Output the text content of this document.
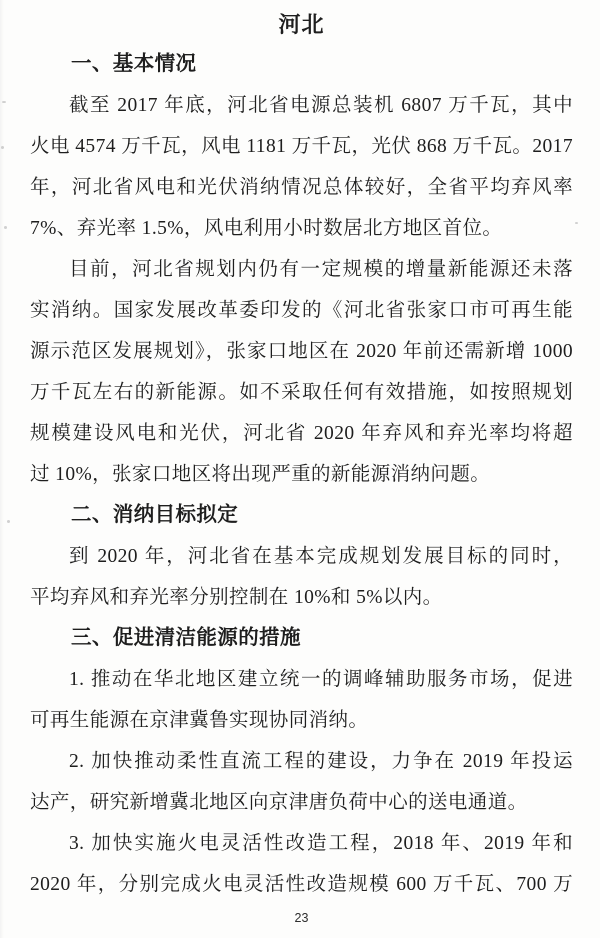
河北
一、基本情况
截至 2017 年底，河北省电源总装机 6807 万千瓦，其中
火电 4574 万千瓦，风电 1181 万千瓦，光伏 868 万千瓦。2017
年，河北省风电和光伏消纳情况总体较好，全省平均弃风率
7%、弃光率 1.5%，风电利用小时数居北方地区首位。
目前，河北省规划内仍有一定规模的增量新能源还未落
实消纳。国家发展改革委印发的《河北省张家口市可再生能
源示范区发展规划》，张家口地区在 2020 年前还需新增 1000
万千瓦左右的新能源。如不采取任何有效措施，如按照规划
规模建设风电和光伏，河北省 2020 年弃风和弃光率均将超
过 10%，张家口地区将出现严重的新能源消纳问题。
二、消纳目标拟定
到 2020 年，河北省在基本完成规划发展目标的同时，
平均弃风和弃光率分别控制在 10%和 5%以内。
三、促进清洁能源的措施
1. 推动在华北地区建立统一的调峰辅助服务市场，促进
可再生能源在京津冀鲁实现协同消纳。
2. 加快推动柔性直流工程的建设，力争在 2019 年投运
达产，研究新增冀北地区向京津唐负荷中心的送电通道。
3. 加快实施火电灵活性改造工程，2018 年、2019 年和
2020 年，分别完成火电灵活性改造规模 600 万千瓦、700 万
23
